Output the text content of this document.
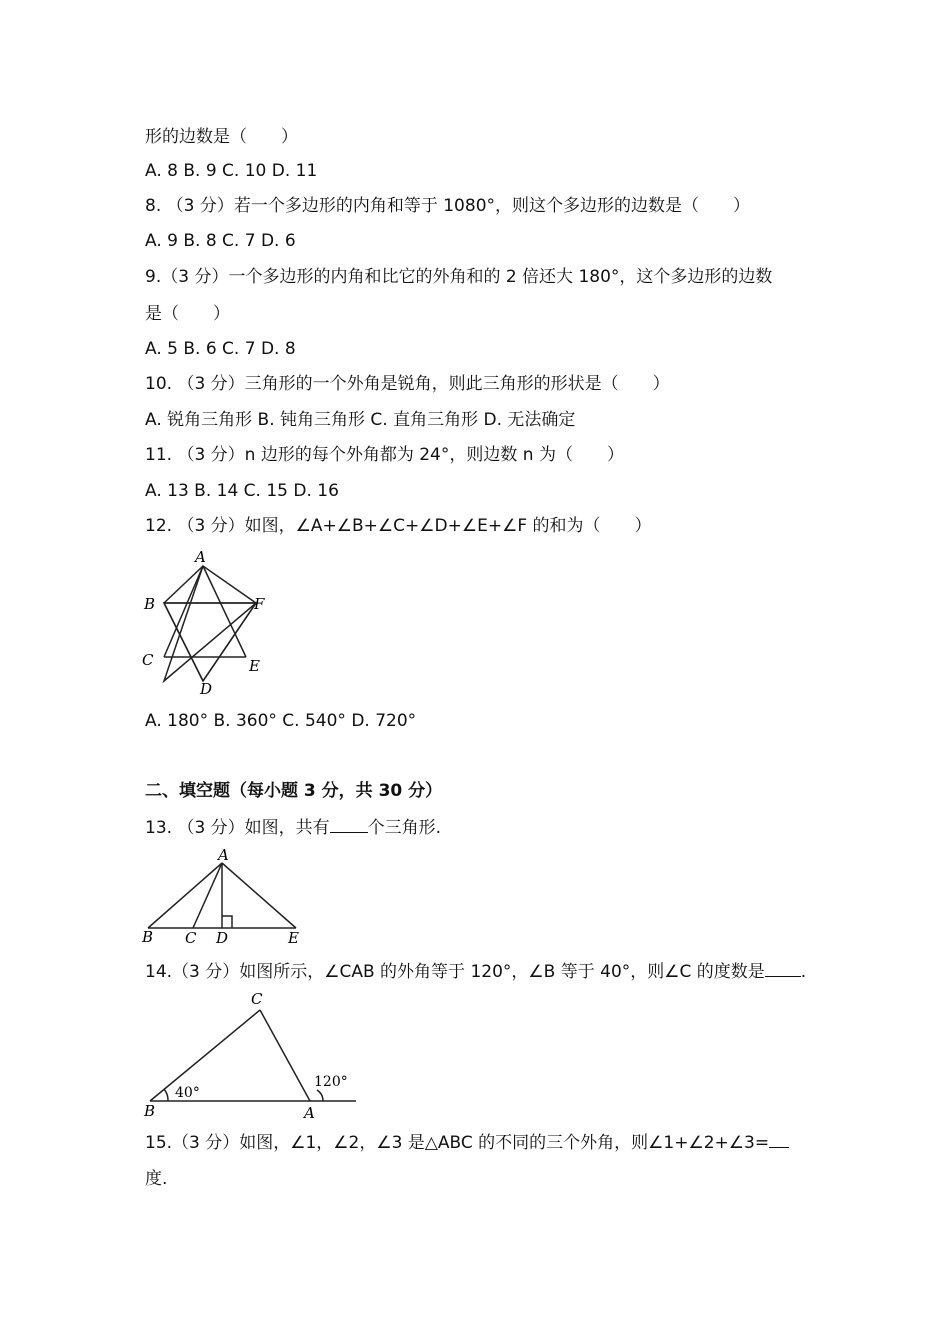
形的边数是（　　）
A. 8 B. 9 C. 10 D. 11
8. （3 分）若一个多边形的内角和等于 1080°，则这个多边形的边数是（　　）
A. 9 B. 8 C. 7 D. 6
9.（3 分）一个多边形的内角和比它的外角和的 2 倍还大 180°，这个多边形的边数
是（　　）
A. 5 B. 6 C. 7 D. 8
10. （3 分）三角形的一个外角是锐角，则此三角形的形状是（　　）
A. 锐角三角形 B. 钝角三角形 C. 直角三角形 D. 无法确定
11. （3 分）n 边形的每个外角都为 24°，则边数 n 为（　　）
A. 13 B. 14 C. 15 D. 16
12. （3 分）如图，∠A+∠B+∠C+∠D+∠E+∠F 的和为（　　）
A
B
C
D
E
F
A. 180° B. 360° C. 540° D. 720°
二、填空题（每小题 3 分，共 30 分）
13. （3 分）如图，共有 个三角形.
A
B C D	E
14.（3 分）如图所示，∠CAB 的外角等于 120°，∠B 等于 40°，则∠C 的度数是 .
C
B	A
40°
120°
15.（3 分）如图，∠1，∠2，∠3 是△ABC 的不同的三个外角，则∠1+∠2+∠3=
度.
